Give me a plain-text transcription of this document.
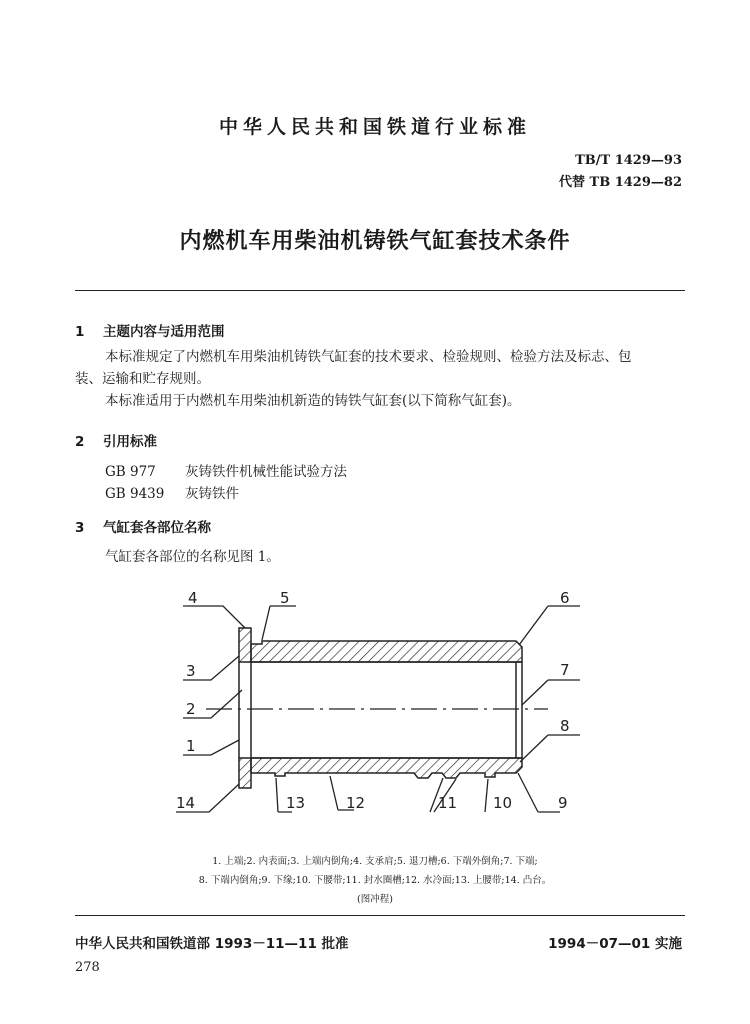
中华人民共和国铁道行业标准
TB/T 1429—93
代替 TB 1429—82
内燃机车用柴油机铸铁气缸套技术条件
1 主题内容与适用范围
本标准规定了内燃机车用柴油机铸铁气缸套的技术要求、检验规则、检验方法及标志、包
装、运输和贮存规则。
本标准适用于内燃机车用柴油机新造的铸铁气缸套(以下简称气缸套)。
2 引用标准
GB 977 灰铸铁件机械性能试验方法
GB 9439 灰铸铁件
3 气缸套各部位名称
气缸套各部位的名称见图 1。
4	5	6
3	7
2
8
1
14	13	12	11 10	9
1. 上端;2. 内表面;3. 上端内倒角;4. 支承肩;5. 退刀槽;6. 下端外倒角;7. 下端;
8. 下端内倒角;9. 下缘;10. 下腰带;11. 封水圈槽;12. 水冷面;13. 上腰带;14. 凸台。
(图冲程)
中华人民共和国铁道部 1993－11—11 批准	1994－07—01 实施
278
